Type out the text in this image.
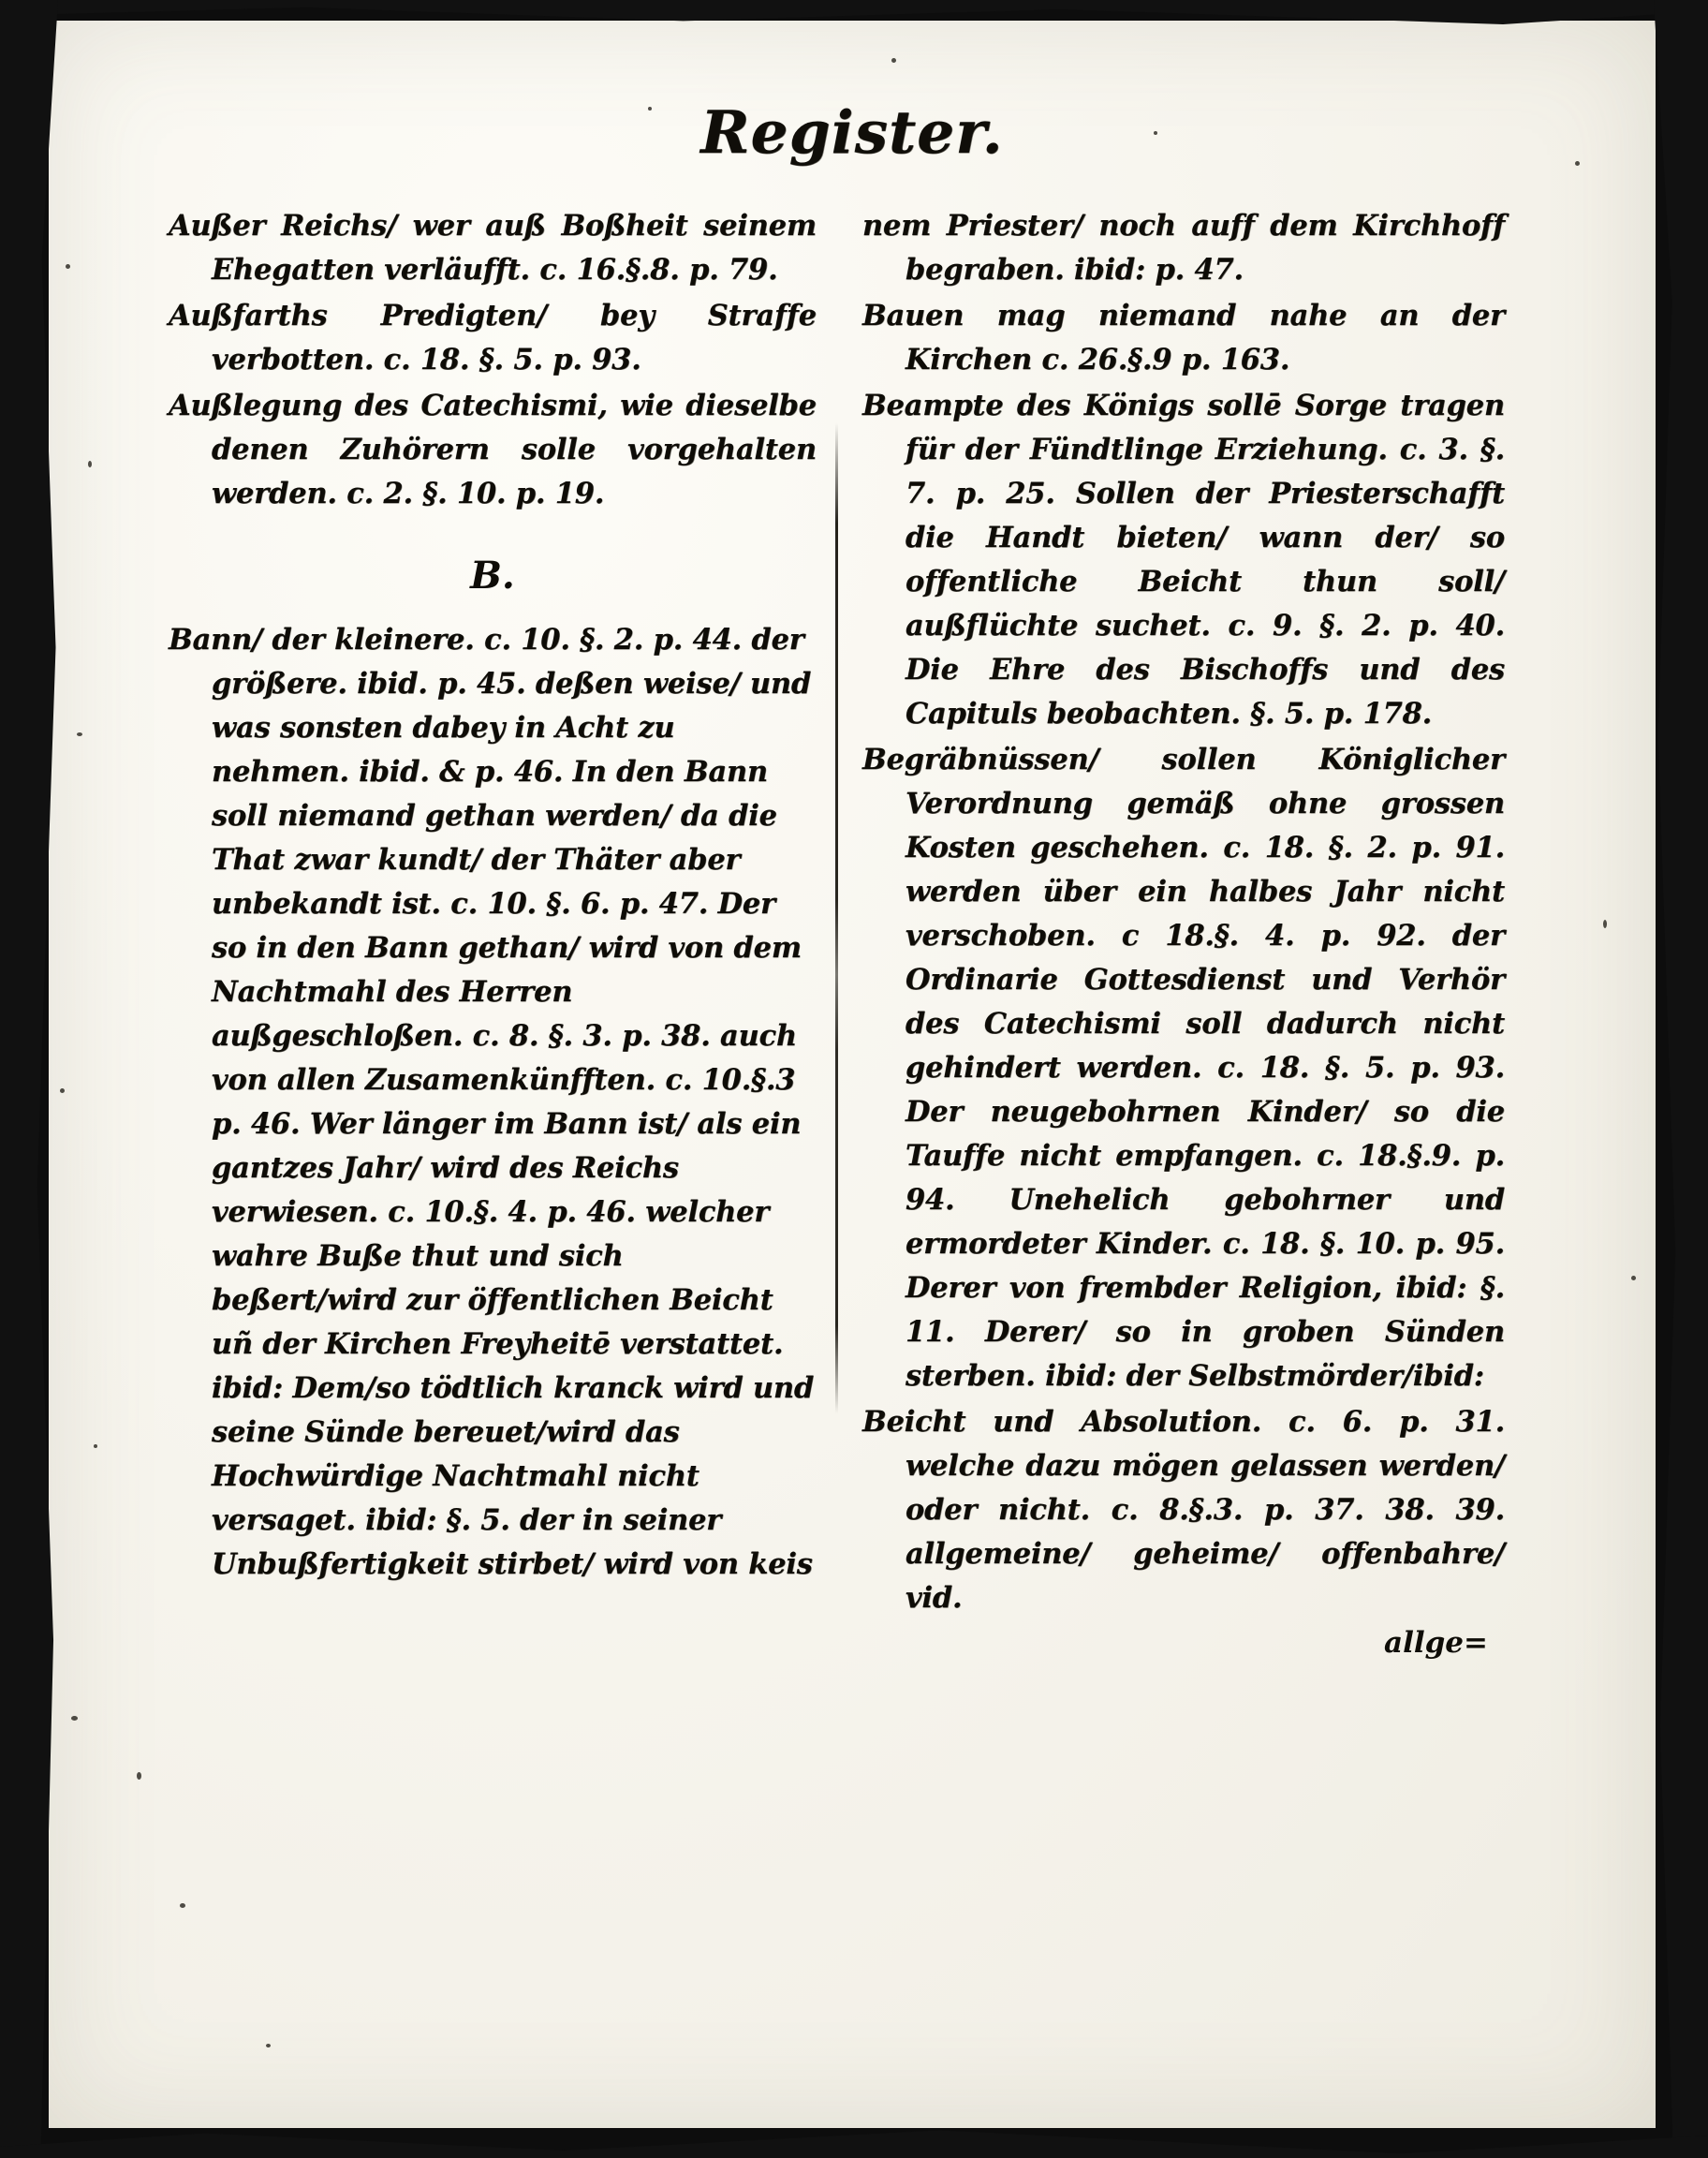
Register.

Außer Reichs/ wer auß Boßheit seinem Ehegatten verläufft. c. 16.§.8. p. 79.

Außfarths Predigten/ bey Straffe verbotten. c. 18. §. 5. p. 93.

Außlegung des Catechismi, wie dieselbe denen Zuhörern solle vorgehalten werden. c. 2. §. 10. p. 19.

B.

Bann/ der kleinere. c. 10. §. 2. p. 44. der größere. ibid. p. 45. deßen weise/ und was sonsten dabey in Acht zu nehmen. ibid. & p. 46. In den Bann soll niemand gethan werden/ da die That zwar kundt/ der Thäter aber unbekandt ist. c. 10. §. 6. p. 47. Der so in den Bann gethan/ wird von dem Nachtmahl des Herren außgeschloßen. c. 8. §. 3. p. 38. auch von allen Zusamenkünfften. c. 10.§.3 p. 46. Wer länger im Bann ist/ als ein gantzes Jahr/ wird des Reichs verwiesen. c. 10.§. 4. p. 46. welcher wahre Buße thut und sich beßert/wird zur öffentlichen Beicht uñ der Kirchen Freyheitē verstattet. ibid: Dem/so tödtlich kranck wird und seine Sünde bereuet/wird das Hochwürdige Nachtmahl nicht versaget. ibid: §. 5. der in seiner Unbußfertigkeit stirbet/ wird von keis

nem Priester/ noch auff dem Kirchhoff begraben. ibid: p. 47.

Bauen mag niemand nahe an der Kirchen c. 26.§.9 p. 163.

Beampte des Königs sollē Sorge tragen für der Fündtlinge Erziehung. c. 3. §. 7. p. 25. Sollen der Priesterschafft die Handt bieten/ wann der/ so offentliche Beicht thun soll/ außflüchte suchet. c. 9. §. 2. p. 40. Die Ehre des Bischoffs und des Capituls beobachten. §. 5. p. 178.

Begräbnüssen/ sollen Königlicher Verordnung gemäß ohne grossen Kosten geschehen. c. 18. §. 2. p. 91. werden über ein halbes Jahr nicht verschoben. c 18.§. 4. p. 92. der Ordinarie Gottesdienst und Verhör des Catechismi soll dadurch nicht gehindert werden. c. 18. §. 5. p. 93. Der neugebohrnen Kinder/ so die Tauffe nicht empfangen. c. 18.§.9. p. 94. Unehelich gebohrner und ermordeter Kinder. c. 18. §. 10. p. 95. Derer von frembder Religion, ibid: §. 11. Derer/ so in groben Sünden sterben. ibid: der Selbstmörder/ibid:

Beicht und Absolution. c. 6. p. 31. welche dazu mögen gelassen werden/ oder nicht. c. 8.§.3. p. 37. 38. 39. allgemeine/ geheime/ offenbahre/ vid.

allge=
